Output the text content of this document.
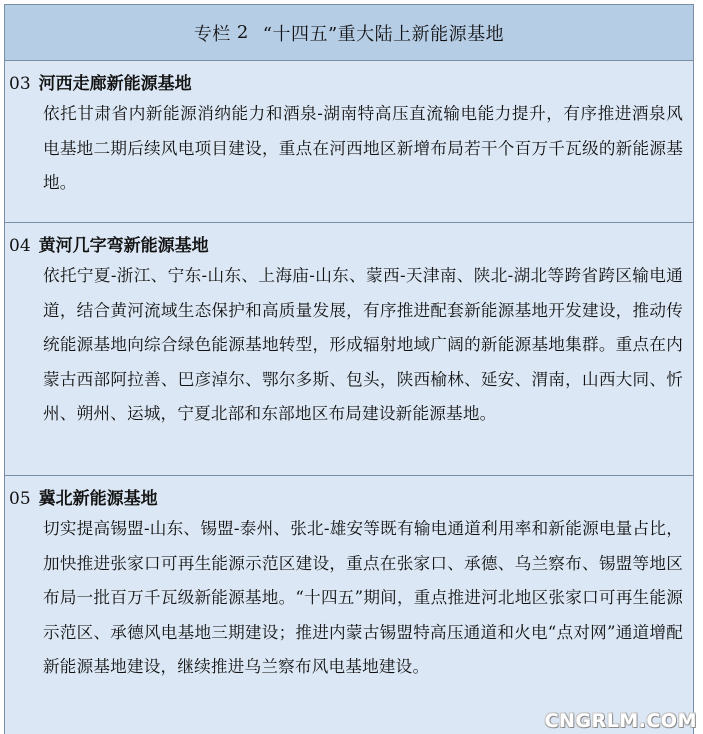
专栏 2 “十四五”重大陆上新能源基地
03 河西走廊新能源基地
依托甘肃省内新能源消纳能力和酒泉-湖南特高压直流输电能力提升，有序推进酒泉风电基地二期后续风电项目建设，重点在河西地区新增布局若干个百万千瓦级的新能源基地。
04 黄河几字弯新能源基地
依托宁夏-浙江、宁东-山东、上海庙-山东、蒙西-天津南、陕北-湖北等跨省跨区输电通道，结合黄河流域生态保护和高质量发展，有序推进配套新能源基地开发建设，推动传统能源基地向综合绿色能源基地转型，形成辐射地域广阔的新能源基地集群。重点在内蒙古西部阿拉善、巴彦淖尔、鄂尔多斯、包头，陕西榆林、延安、渭南，山西大同、忻州、朔州、运城，宁夏北部和东部地区布局建设新能源基地。
05 冀北新能源基地
切实提高锡盟-山东、锡盟-泰州、张北-雄安等既有输电通道利用率和新能源电量占比，加快推进张家口可再生能源示范区建设，重点在张家口、承德、乌兰察布、锡盟等地区布局一批百万千瓦级新能源基地。“十四五”期间，重点推进河北地区张家口可再生能源示范区、承德风电基地三期建设；推进内蒙古锡盟特高压通道和火电“点对网”通道增配新能源基地建设，继续推进乌兰察布风电基地建设。
CNGRLM.COM
